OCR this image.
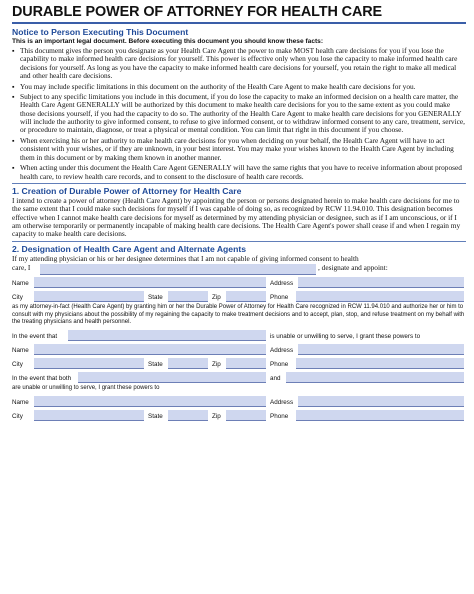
DURABLE POWER OF ATTORNEY FOR HEALTH CARE
Notice to Person Executing This Document
This is an important legal document. Before executing this document you should know these facts:
▪ This document gives the person you designate as your Health Care Agent the power to make MOST health care decisions for you if you lose the capability to make informed health care decisions for yourself. This power is effective only when you lose the capacity to make informed health care decisions for yourself. As long as you have the capacity to make informed health care decisions for yourself, you retain the right to make all medical and other health care decisions.
▪ You may include specific limitations in this document on the authority of the Health Care Agent to make health care decisions for you.
▪ Subject to any specific limitations you include in this document, if you do lose the capacity to make an informed decision on a health care matter, the Health Care Agent GENERALLY will be authorized by this document to make health care decisions for you to the same extent as you could make those decisions yourself, if you had the capacity to do so. The authority of the Health Care Agent to make health care decisions for you GENERALLY will include the authority to give informed consent, to refuse to give informed consent, or to withdraw informed consent to any care, treatment, service, or procedure to maintain, diagnose, or treat a physical or mental condition. You can limit that right in this document if you choose.
▪ When exercising his or her authority to make health care decisions for you when deciding on your behalf, the Health Care Agent will have to act consistent with your wishes, or if they are unknown, in your best interest. You may make your wishes known to the Health Care Agent by including them in this document or by making them known in another manner.
▪ When acting under this document the Health Care Agent GENERALLY will have the same rights that you have to receive information about proposed health care, to review health care records, and to consent to the disclosure of health care records.
1. Creation of Durable Power of Attorney for Health Care
I intend to create a power of attorney (Health Care Agent) by appointing the person or persons designated herein to make health care decisions for me to the same extent that I could make such decisions for myself if I was capable of doing so, as recognized by RCW 11.94.010. This designation becomes effective when I cannot make health care decisions for myself as determined by my attending physician or designee, such as if I am unconscious, or if I am otherwise temporarily or permanently incapable of making health care decisions. The Health Care Agent's power shall cease if and when I regain my capacity to make health care decisions.
2. Designation of Health Care Agent and Alternate Agents
If my attending physician or his or her designee determines that I am not capable of giving informed consent to health
care, I	, designate and appoint:
Name	Address
City	State	Zip	Phone
as my attorney-in-fact (Health Care Agent) by granting him or her the Durable Power of Attorney for Health Care recognized in RCW 11.94.010 and authorize her or him to consult with my physicians about the possibility of my regaining the capacity to make treatment decisions and to accept, plan, stop, and refuse treatment on my behalf with the treating physicians and health personnel.
In the event that	is unable or unwilling to serve, I grant these powers to
Name	Address
City	State	Zip	Phone
In the event that both	and
are unable or unwilling to serve, I grant these powers to
Name	Address
City	State	Zip	Phone
